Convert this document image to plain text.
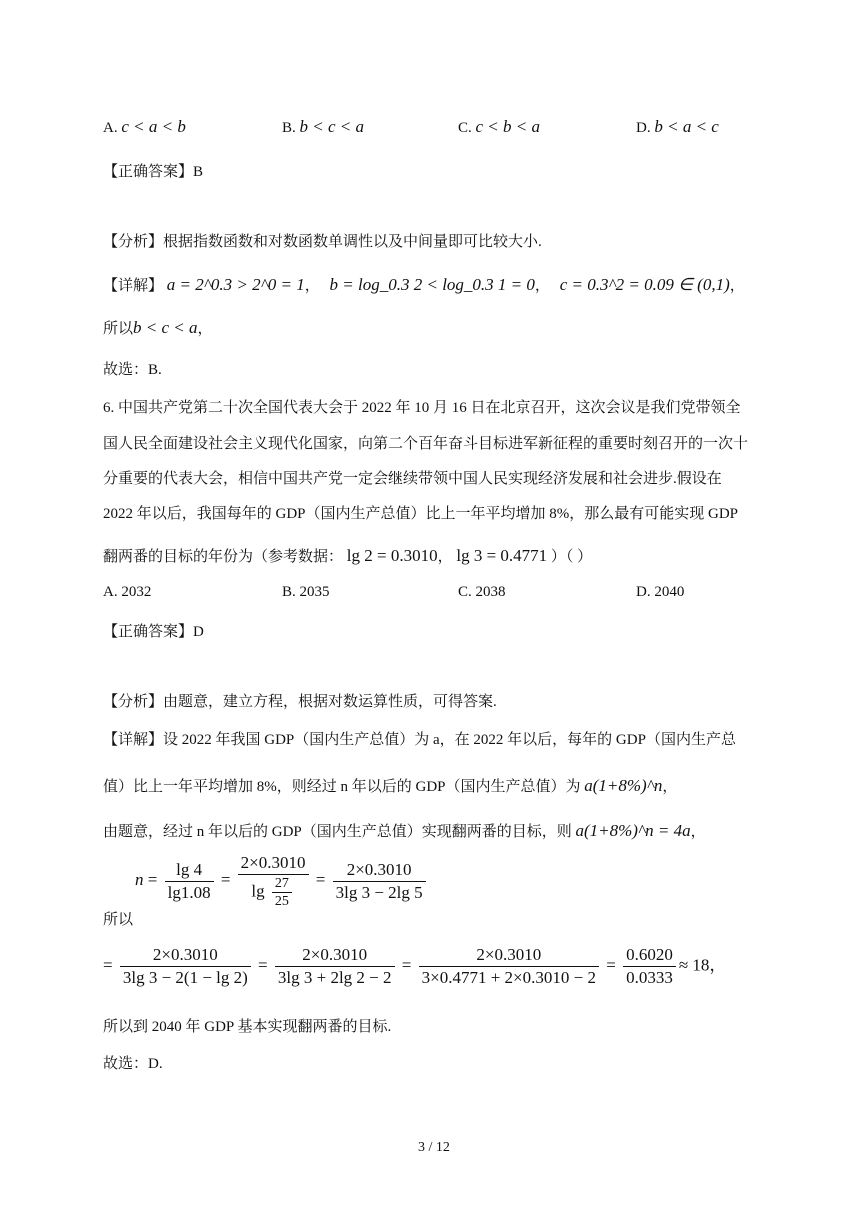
A. c < a < b	B. b < c < a	C. c < b < a	D. b < a < c
【正确答案】B
【分析】根据指数函数和对数函数单调性以及中间量即可比较大小.
【详解】 a = 2^0.3 > 2^0 = 1， b = log_0.3 2 < log_0.3 1 = 0， c = 0.3^2 = 0.09 ∈ (0,1)，
所以b < c < a，
故选：B.
6. 中国共产党第二十次全国代表大会于 2022 年 10 月 16 日在北京召开，这次会议是我们党带领全
国人民全面建设社会主义现代化国家，向第二个百年奋斗目标进军新征程的重要时刻召开的一次十
分重要的代表大会，相信中国共产党一定会继续带领中国人民实现经济发展和社会进步.假设在
2022 年以后，我国每年的 GDP（国内生产总值）比上一年平均增加 8%，那么最有可能实现 GDP
翻两番的目标的年份为（参考数据： lg 2 = 0.3010， lg 3 = 0.4771 ）（ ）
A. 2032	B. 2035	C. 2038	D. 2040
【正确答案】D
【分析】由题意，建立方程，根据对数运算性质，可得答案.
【详解】设 2022 年我国 GDP（国内生产总值）为 a，在 2022 年以后，每年的 GDP（国内生产总
值）比上一年平均增加 8%，则经过 n 年以后的 GDP（国内生产总值）为 a(1+8%)^n，
由题意，经过 n 年以后的 GDP（国内生产总值）实现翻两番的目标，则 a(1+8%)^n = 4a，
$n = \frac{\lg 4}{\lg 1.08} = \frac{2\times 0.3010}{\lg \frac{27}{25}} = \frac{2\times 0.3010}{3\lg 3 - 2\lg 5}$
所以
= $\frac{2\times 0.3010}{3\lg 3 - 2(1 - \lg 2)} = \frac{2\times 0.3010}{3\lg 3 + 2\lg 2 - 2} = \frac{2\times 0.3010}{3\times 0.4771 + 2\times 0.3010 - 2} = \frac{0.6020}{0.0333} \approx 18$，
所以到 2040 年 GDP 基本实现翻两番的目标.
故选：D.
3 / 12
